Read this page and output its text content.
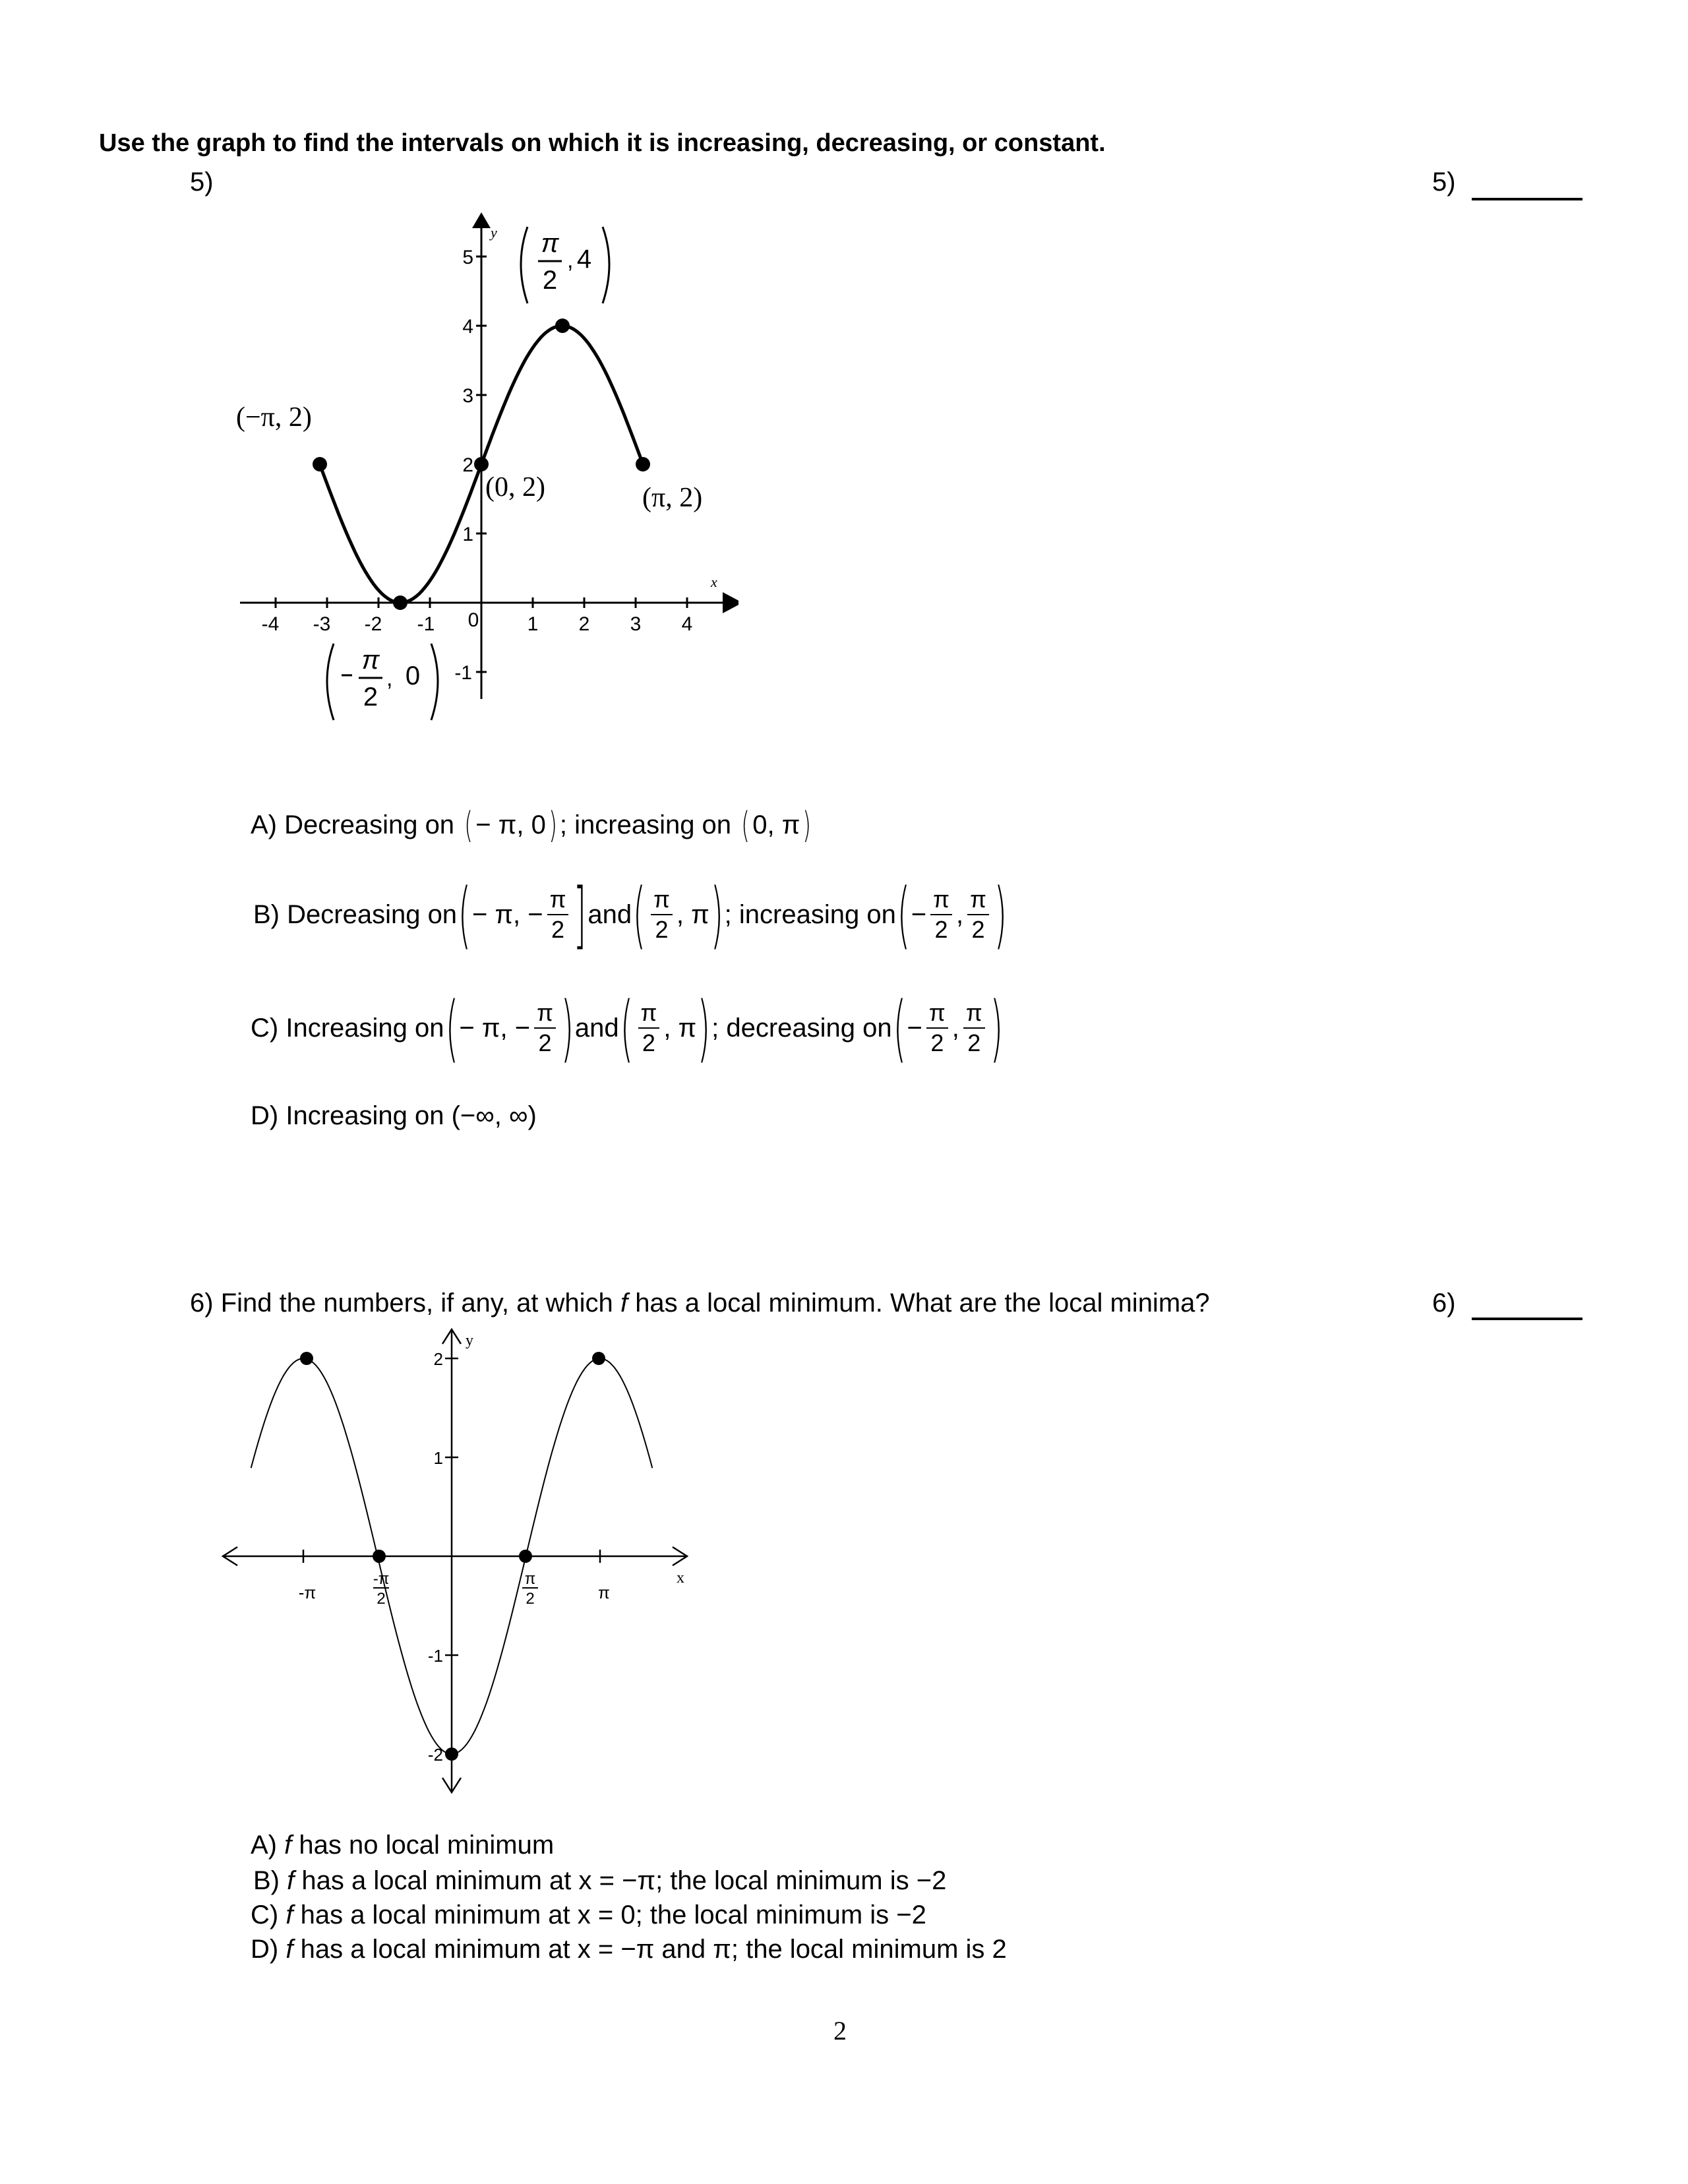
Use the graph to find the intervals on which it is increasing, decreasing, or constant.
5)	5)
y
x
-4 -3 -2 -1 0 1 2 3 4
5
4
3
2
1
-1
(−π, 2)
(0, 2)	(π, 2)
π
2
, 4
π
2
, 0
A)
Decreasing on
( − π, 0 ) ; increasing on
( 0, π )
B)
Decreasing on ( − π, − $\frac{\pi}{2}$ ] and ( $\frac{\pi}{2}$ , π ) ; increasing on ( − $\frac{\pi}{2}$ , $\frac{\pi}{2}$ )
C)
Increasing on ( − π, − $\frac{\pi}{2}$ ) and ( $\frac{\pi}{2}$ , π ) ; decreasing on ( − $\frac{\pi}{2}$ , $\frac{\pi}{2}$ )
D)
Increasing on (−∞, ∞)
6) Find the numbers, if any, at which f has a local minimum. What are the local minima?	6)
y
x
2
1
-1
-2
-π
-π
2
π
2	π
A)
f
has no local minimum
B)
f
has a local minimum at x = −π; the local minimum is −2
C)
f
has a local minimum at x = 0; the local minimum is −2
D)
f
has a local minimum at x = −π and π; the local minimum is 2
2
